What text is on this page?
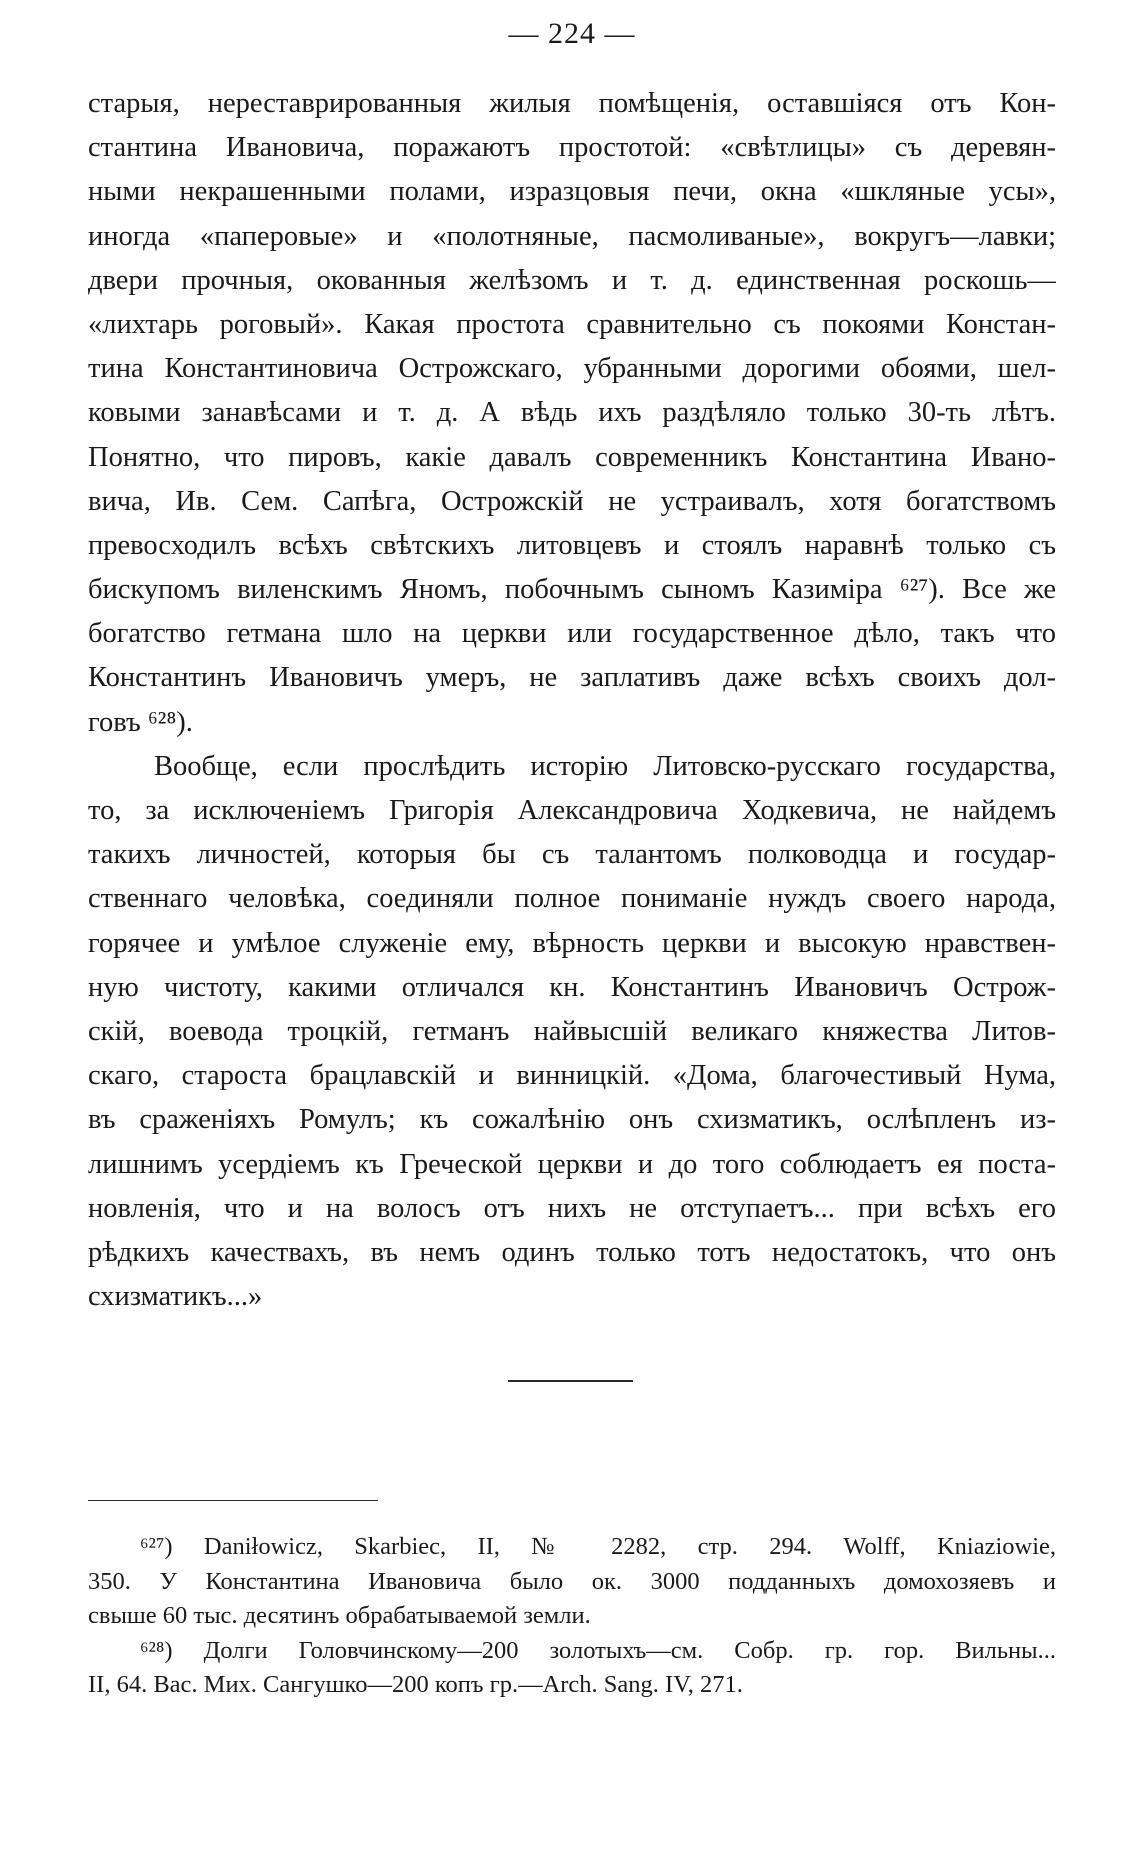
— 224 —
старыя, нереставрированныя жилыя помѣщенія, оставшіяся отъ Кон-
стантина Ивановича, поражаютъ простотой: «свѣтлицы» съ деревян-
ными некрашенными полами, изразцовыя печи, окна «шкляные усы»,
иногда «паперовые» и «полотняные, пасмоливаные», вокругъ—лавки;
двери прочныя, окованныя желѣзомъ и т. д. единственная роскошь—
«лихтарь роговый». Какая простота сравнительно съ покоями Констан-
тина Константиновича Острожскаго, убранными дорогими обоями, шел-
ковыми занавѣсами и т. д. А вѣдь ихъ раздѣляло только 30-ть лѣтъ.
Понятно, что пировъ, какіе давалъ современникъ Константина Ивано-
вича, Ив. Сем. Сапѣга, Острожскій не устраивалъ, хотя богатствомъ
превосходилъ всѣхъ свѣтскихъ литовцевъ и стоялъ наравнѣ только съ
бискупомъ виленскимъ Яномъ, побочнымъ сыномъ Казиміра ⁶²⁷). Все же
богатство гетмана шло на церкви или государственное дѣло, такъ что
Константинъ Ивановичъ умеръ, не заплативъ даже всѣхъ своихъ дол-
говъ ⁶²⁸).
Вообще, если прослѣдить исторію Литовско-русскаго государства,
то, за исключеніемъ Григорія Александровича Ходкевича, не найдемъ
такихъ личностей, которыя бы съ талантомъ полководца и государ-
ственнаго человѣка, соединяли полное пониманіе нуждъ своего народа,
горячее и умѣлое служеніе ему, вѣрность церкви и высокую нравствен-
ную чистоту, какими отличался кн. Константинъ Ивановичъ Острож-
скій, воевода троцкій, гетманъ найвысшій великаго княжества Литов-
скаго, староста брацлавскій и винницкій. «Дома, благочестивый Нума,
въ сраженіяхъ Ромулъ; къ сожалѣнію онъ схизматикъ, ослѣпленъ из-
лишнимъ усердіемъ къ Греческой церкви и до того соблюдаетъ ея поста-
новленія, что и на волосъ отъ нихъ не отступаетъ... при всѣхъ его
рѣдкихъ качествахъ, въ немъ одинъ только тотъ недостатокъ, что онъ
схизматикъ...»
⁶²⁷) Daniłowicz, Skarbiec, II, № 2282, стр. 294. Wolff, Kniaziowie,
350. У Константина Ивановича было ок. 3000 подданныхъ домохозяевъ и
свыше 60 тыс. десятинъ обрабатываемой земли.
⁶²⁸) Долги Головчинскому—200 золотыхъ—см. Собр. гр. гор. Вильны...
II, 64. Вас. Мих. Сангушко—200 копъ гр.—Arch. Sang. IV, 271.
